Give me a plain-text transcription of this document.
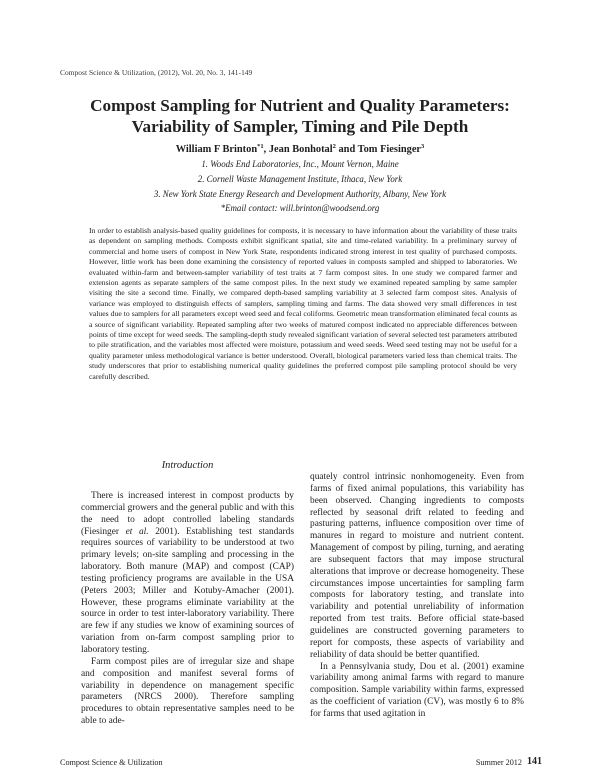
Compost Science & Utilization, (2012), Vol. 20, No. 3, 141-149
Compost Sampling for Nutrient and Quality Parameters:
Variability of Sampler, Timing and Pile Depth
William F Brinton$^{*1}$, Jean Bonhotal$^2$ and Tom Fiesinger$^3$
1. Woods End Laboratories, Inc., Mount Vernon, Maine
2. Cornell Waste Management Institute, Ithaca, New York
3. New York State Energy Research and Development Authority, Albany, New York
*Email contact: will.brinton@woodsend.org

In order to establish analysis-based quality guidelines for composts, it is necessary to have information about the variability of these traits as dependent on sampling methods. Composts exhibit significant spatial, site and time-related variability. In a preliminary survey of commercial and home users of compost in New York State, respondents indicated strong interest in test quality of purchased composts. However, little work has been done examining the consistency of reported values in composts sampled and shipped to laboratories. We evaluated within-farm and between-sampler variability of test traits at 7 farm compost sites. In one study we compared farmer and extension agents as separate samplers of the same compost piles. In the next study we examined repeated sampling by same sampler visiting the site a second time. Finally, we compared depth-based sampling variability at 3 selected farm compost sites. Analysis of variance was employed to distinguish effects of samplers, sampling timing and farms. The data showed very small differences in test values due to samplers for all parameters except weed seed and fecal coliforms. Geometric mean transformation eliminated fecal counts as a source of significant variability. Repeated sampling after two weeks of matured compost indicated no appreciable differences between points of time except for weed seeds. The sampling-depth study revealed significant variation of several selected test parameters attributed to pile stratification, and the variables most affected were moisture, potassium and weed seeds. Weed seed testing may not be useful for a quality parameter unless methodological variance is better understood. Overall, biological parameters varied less than chemical traits. The study underscores that prior to establishing numerical quality guidelines the preferred compost pile sampling protocol should be very carefully described.

Introduction

There is increased interest in compost products by commercial growers and the general public and with this the need to adopt controlled labeling standards (Fiesinger et al. 2001). Establishing test standards requires sources of variability to be understood at two primary levels; on-site sampling and processing in the laboratory. Both manure (MAP) and compost (CAP) testing proficiency programs are available in the USA (Peters 2003; Miller and Kotuby-Amacher (2001). However, these programs eliminate variability at the source in order to test inter-laboratory variability. There are few if any studies we know of examining sources of variation from on-farm compost sampling prior to laboratory testing.

Farm compost piles are of irregular size and shape and composition and manifest several forms of variability in dependence on management specific parameters (NRCS 2000). Therefore sampling procedures to obtain representative samples need to be able to ade-

quately control intrinsic nonhomogeneity. Even from farms of fixed animal populations, this variability has been observed. Changing ingredients to composts reflected by seasonal drift related to feeding and pasturing patterns, influence composition over time of manures in regard to moisture and nutrient content. Management of compost by piling, turning, and aerating are subsequent factors that may impose structural alterations that improve or decrease homogeneity. These circumstances impose uncertainties for sampling farm composts for laboratory testing, and translate into variability and potential unreliability of information reported from test traits. Before official state-based guidelines are constructed governing parameters to report for composts, these aspects of variability and reliability of data should be better quantified.

In a Pennsylvania study, Dou et al. (2001) examine variability among animal farms with regard to manure composition. Sample variability within farms, expressed as the coefficient of variation (CV), was mostly 6 to 8% for farms that used agitation in

Compost Science & Utilization	Summer 2012 141
